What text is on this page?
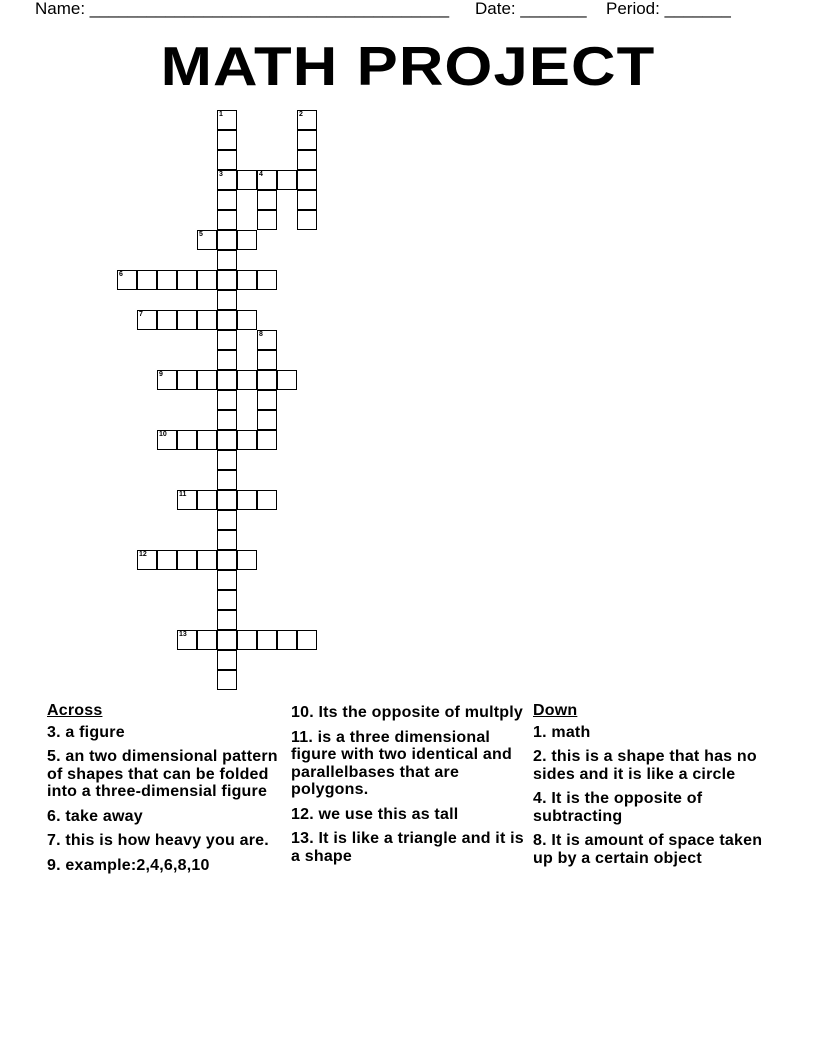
Name: ______________________________________ Date: _______ Period: _______
MATH PROJECT
1
3
2
4
5
6
7
8
9
10
11
12
13
Across
3. a figure
5. an two dimensional pattern of shapes that can be folded into a three-dimensial figure
6. take away
7. this is how heavy you are.
9. example:2,4,6,8,10
10. Its the opposite of multply
11. is a three dimensional figure with two identical and parallelbases that are polygons.
12. we use this as tall
13. It is like a triangle and it is a shape
Down
1. math
2. this is a shape that has no sides and it is like a circle
4. It is the opposite of subtracting
8. It is amount of space taken up by a certain object
